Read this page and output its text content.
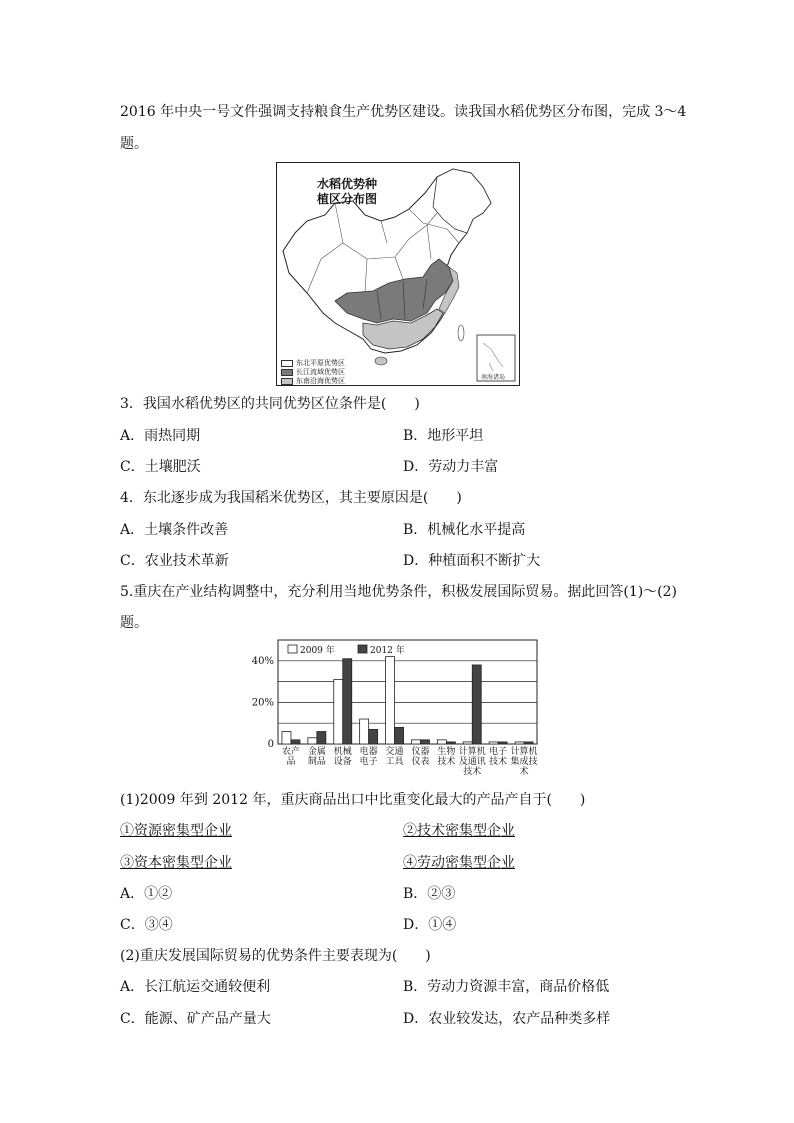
2016 年中央一号文件强调支持粮食生产优势区建设。读我国水稻优势区分布图，完成 3～4
题。
南海诸岛
水稻优势种
植区分布图
东北平原优势区
长江流域优势区
东南沿海优势区
3．我国水稻优势区的共同优势区位条件是(　　)
A．雨热同期	B．地形平坦
C．土壤肥沃	D．劳动力丰富
4．东北逐步成为我国稻米优势区，其主要原因是(　　)
A．土壤条件改善	B．机械化水平提高
C．农业技术革新	D．种植面积不断扩大
5.重庆在产业结构调整中，充分利用当地优势条件，积极发展国际贸易。据此回答(1)～(2)
题。
0
20%
40%
2009 年	2012 年
农产
品
金属
制品
机械
设备
电器
电子
交通
工具
仪器
仪表
生物
技术
计算机
及通讯
技术
电子
技术
计算机
集成技
术
(1)2009 年到 2012 年，重庆商品出口中比重变化最大的产品产自于(　　)
①资源密集型企业	②技术密集型企业
③资本密集型企业	④劳动密集型企业
A．①②	B．②③
C．③④	D．①④
(2)重庆发展国际贸易的优势条件主要表现为(　　)
A．长江航运交通较便利	B．劳动力资源丰富，商品价格低
C．能源、矿产品产量大	D．农业较发达，农产品种类多样
